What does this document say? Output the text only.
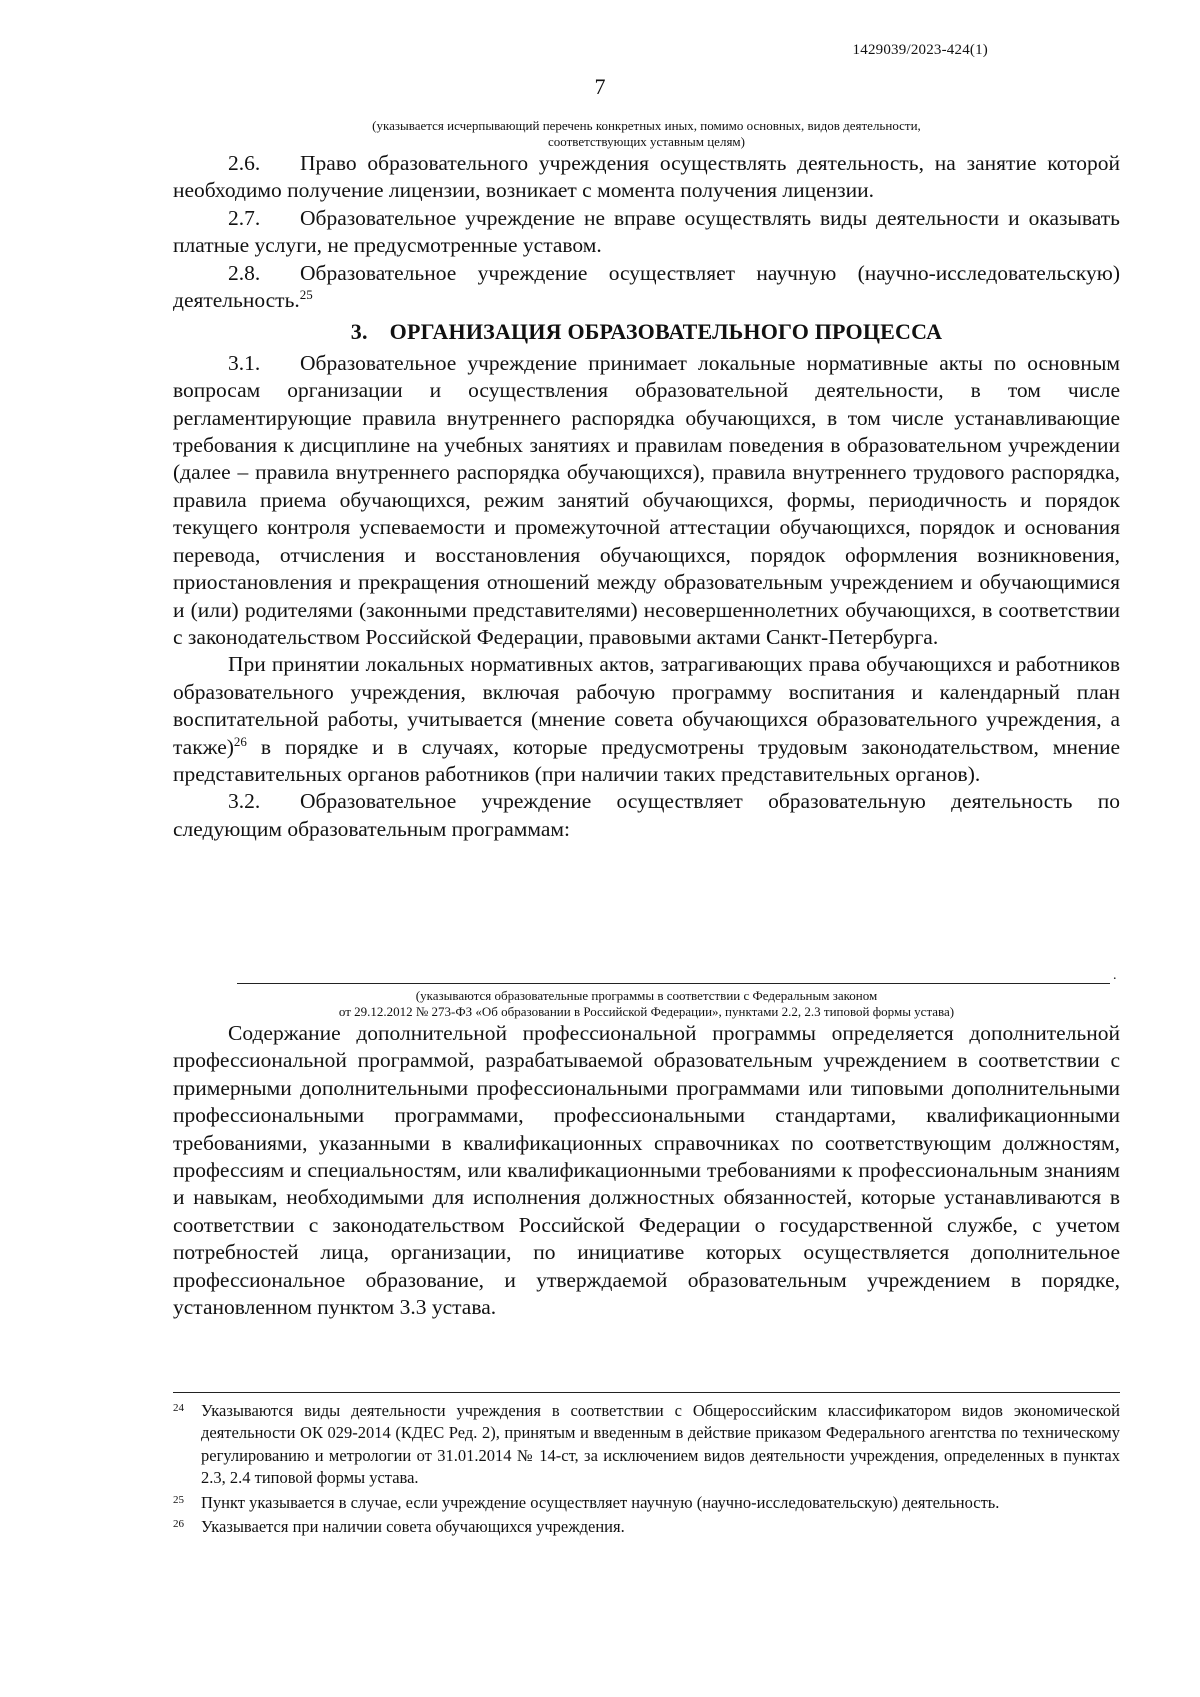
1429039/2023-424(1)
7
(указывается исчерпывающий перечень конкретных иных, помимо основных, видов деятельности,
соответствующих уставным целям)

2.6. Право образовательного учреждения осуществлять деятельность, на занятие которой необходимо получение лицензии, возникает с момента получения лицензии.

2.7. Образовательное учреждение не вправе осуществлять виды деятельности и оказывать платные услуги, не предусмотренные уставом.

2.8. Образовательное учреждение осуществляет научную (научно-исследовательскую) деятельность.$^{25}$

3. ОРГАНИЗАЦИЯ ОБРАЗОВАТЕЛЬНОГО ПРОЦЕССА

3.1. Образовательное учреждение принимает локальные нормативные акты по основным вопросам организации и осуществления образовательной деятельности, в том числе регламентирующие правила внутреннего распорядка обучающихся, в том числе устанавливающие требования к дисциплине на учебных занятиях и правилам поведения в образовательном учреждении (далее – правила внутреннего распорядка обучающихся), правила внутреннего трудового распорядка, правила приема обучающихся, режим занятий обучающихся, формы, периодичность и порядок текущего контроля успеваемости и промежуточной аттестации обучающихся, порядок и основания перевода, отчисления и восстановления обучающихся, порядок оформления возникновения, приостановления и прекращения отношений между образовательным учреждением и обучающимися и (или) родителями (законными представителями) несовершеннолетних обучающихся, в соответствии с законодательством Российской Федерации, правовыми актами Санкт-Петербурга.

При принятии локальных нормативных актов, затрагивающих права обучающихся и работников образовательного учреждения, включая рабочую программу воспитания и календарный план воспитательной работы, учитывается (мнение совета обучающихся образовательного учреждения, а также)$^{26}$ в порядке и в случаях, которые предусмотрены трудовым законодательством, мнение представительных органов работников (при наличии таких представительных органов).

3.2. Образовательное учреждение осуществляет образовательную деятельность по следующим образовательным программам:

.
(указываются образовательные программы в соответствии с Федеральным законом
от 29.12.2012 № 273-ФЗ «Об образовании в Российской Федерации», пунктами 2.2, 2.3 типовой формы устава)

Содержание дополнительной профессиональной программы определяется дополнительной профессиональной программой, разрабатываемой образовательным учреждением в соответствии с примерными дополнительными профессиональными программами или типовыми дополнительными профессиональными программами, профессиональными стандартами, квалификационными требованиями, указанными в квалификационных справочниках по соответствующим должностям, профессиям и специальностям, или квалификационными требованиями к профессиональным знаниям и навыкам, необходимыми для исполнения должностных обязанностей, которые устанавливаются в соответствии с законодательством Российской Федерации о государственной службе, с учетом потребностей лица, организации, по инициативе которых осуществляется дополнительное профессиональное образование, и утверждаемой образовательным учреждением в порядке, установленном пунктом 3.3 устава.

24 Указываются виды деятельности учреждения в соответствии с Общероссийским классификатором видов экономической деятельности ОК 029-2014 (КДЕС Ред. 2), принятым и введенным в действие приказом Федерального агентства по техническому регулированию и метрологии от 31.01.2014 № 14-ст, за исключением видов деятельности учреждения, определенных в пунктах 2.3, 2.4 типовой формы устава.
25 Пункт указывается в случае, если учреждение осуществляет научную (научно-исследовательскую) деятельность.
26 Указывается при наличии совета обучающихся учреждения.
